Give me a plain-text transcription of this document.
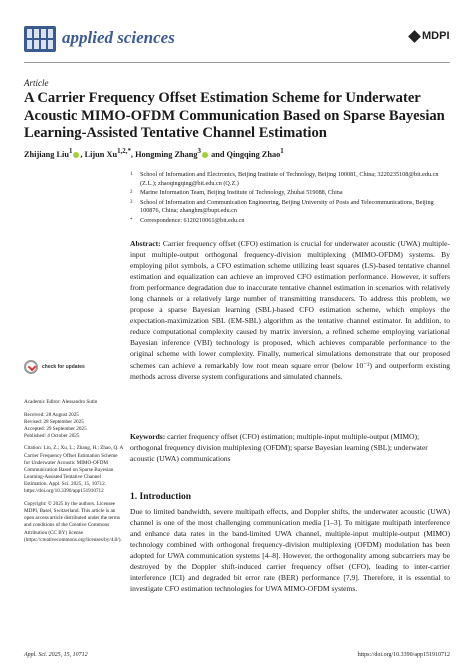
applied sciences	MDPI
Article
A Carrier Frequency Offset Estimation Scheme for Underwater Acoustic MIMO-OFDM Communication Based on Sparse Bayesian Learning-Assisted Tentative Channel Estimation
Zhijiang Liu$^1$ , Lijun $Xu^{1,2,*}$, Hongming Zhang$^3$ and Qingqing Zhao$^1$
1	School of Information and Electronics, Beijing Institute of Technology, Beijing 100081, China; 3220235108@bit.edu.cn (Z.L.); zhaoqingqing@bit.edu.cn (Q.Z.)
2	Marine Information Team, Beijing Institute of Technology, Zhuhai 519088, China
3	School of Information and Communication Engineering, Beijing University of Posts and Telecommunications, Beijing 100876, China; zhanghm@bupt.edu.cn
*	Correspondence: 6120210061@bit.edu.cn
Abstract: Carrier frequency offset (CFO) estimation is crucial for underwater acoustic (UWA) multiple-input multiple-output orthogonal frequency-division multiplexing (MIMO-OFDM) systems. By employing pilot symbols, a CFO estimation scheme utilizing least squares (LS)-based tentative channel estimation and equalization can achieve an improved CFO estimation performance. However, it suffers from performance degradation due to inaccurate tentative channel estimation in scenarios with relatively long channels or a relatively large number of transmitting transducers. To address this problem, we propose a sparse Bayesian learning (SBL)-based CFO estimation scheme, which employs the expectation-maximization SBL (EM-SBL) algorithm as the tentative channel estimator. In addition, to reduce computational complexity caused by matrix inversion, a refined scheme employing variational Bayesian inference (VBI) technology is proposed, which achieves comparable performance to the original scheme with lower complexity. Finally, numerical simulations demonstrate that our proposed schemes can achieve a remarkably low root mean square error (below 10⁻²) and outperform existing methods across diverse system configurations and simulated channels.
Keywords: carrier frequency offset (CFO) estimation; multiple-input multiple-output (MIMO); orthogonal frequency division multiplexing (OFDM); sparse Bayesian learning (SBL); underwater acoustic (UWA) communications
check for updates

Academic Editor: Alessandro Sutin

Received: 28 August 2025
Revised: 28 September 2025
Accepted: 29 September 2025
Published: 4 October 2025

Citation: Liu, Z.; Xu, L.; Zhang, H.; Zhao, Q. A Carrier Frequency Offset Estimation Scheme for Underwater Acoustic MIMO-OFDM Communication Based on Sparse Bayesian Learning-Assisted Tentative Channel Estimation. Appl. Sci. 2025, 15, 10712. https://doi.org/10.3390/app151910712

Copyright: © 2025 by the authors. Licensee MDPI, Basel, Switzerland. This article is an open access article distributed under the terms and conditions of the Creative Commons Attribution (CC BY) license (https://creativecommons.org/licenses/by/4.0/).

1. Introduction
Due to limited bandwidth, severe multipath effects, and Doppler shifts, the underwater acoustic (UWA) channel is one of the most challenging communication media [1–3]. To mitigate multipath interference and enhance data rates in the band-limited UWA channel, multiple-input multiple-output (MIMO) technology combined with orthogonal frequency-division multiplexing (OFDM) modulation has been adopted for UWA communication systems [4–8]. However, the orthogonality among subcarriers may be destroyed by the Doppler shift-induced carrier frequency offset (CFO), leading to inter-carrier interference (ICI) and degraded bit error rate (BER) performance [7,9]. Therefore, it is essential to investigate CFO estimation technologies for UWA MIMO-OFDM systems.
Appl. Sci. 2025, 15, 10712	https://doi.org/10.3390/app151910712
